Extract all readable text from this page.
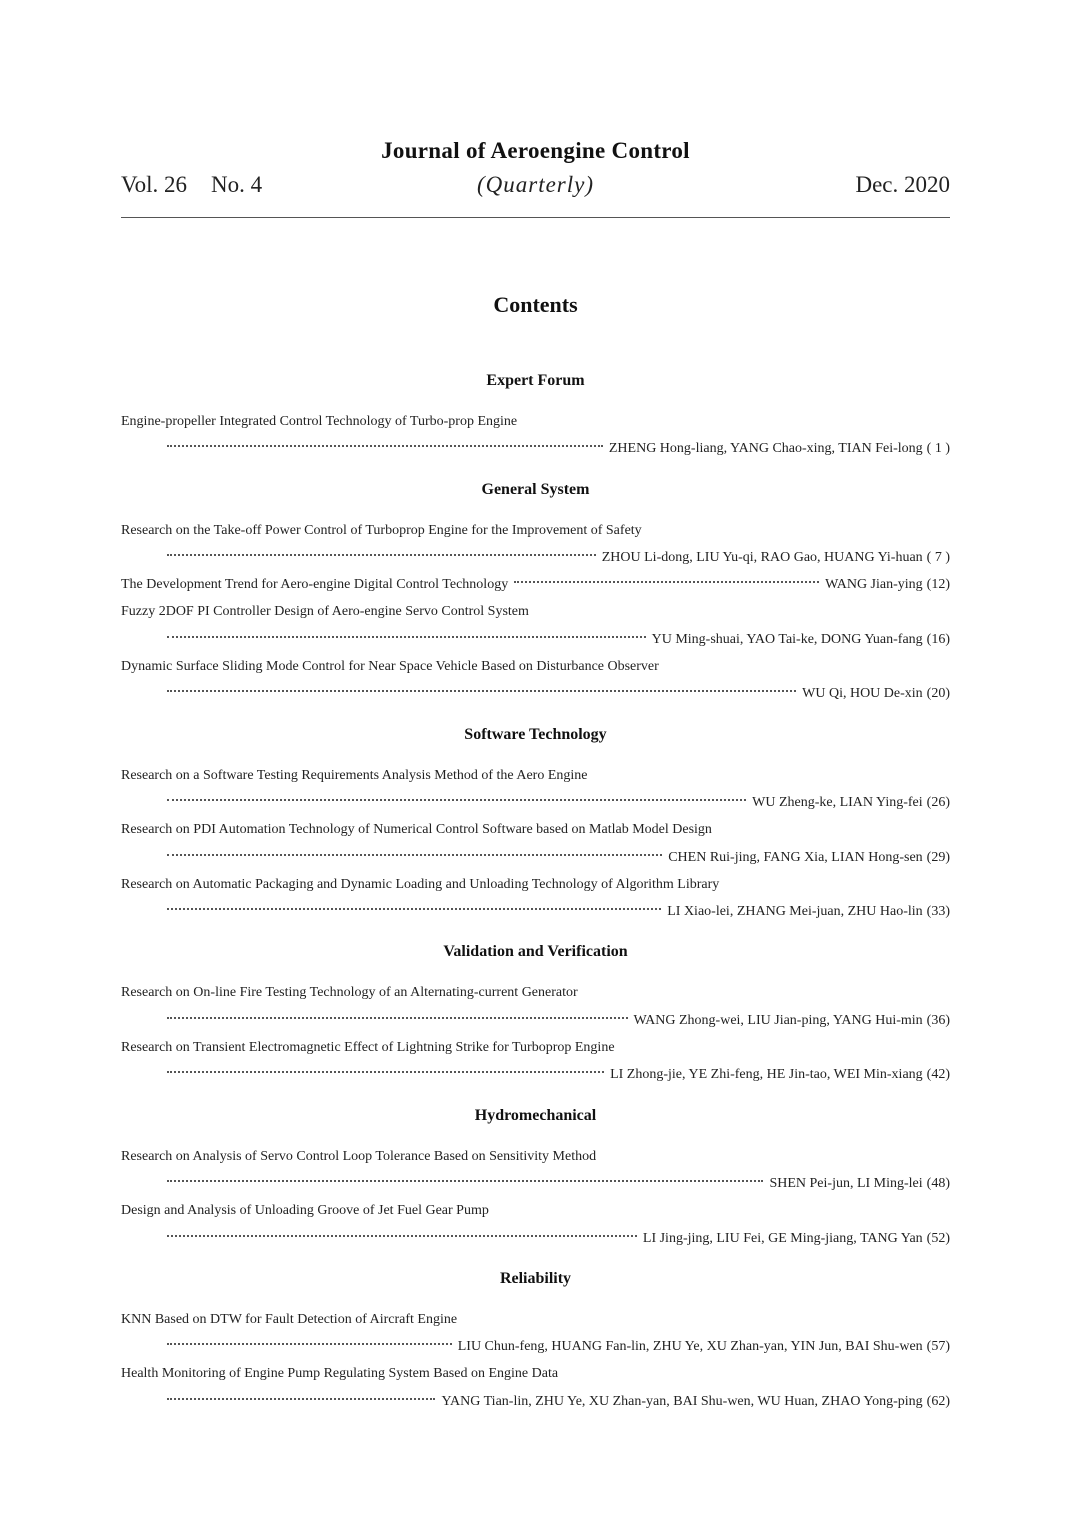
Journal of Aeroengine Control
Vol. 26 No. 4	(Quarterly)	Dec. 2020
Contents
Expert Forum
Engine-propeller Integrated Control Technology of Turbo-prop Engine
ZHENG Hong-liang, YANG Chao-xing, TIAN Fei-long ( 1 )
General System
Research on the Take-off Power Control of Turboprop Engine for the Improvement of Safety
ZHOU Li-dong, LIU Yu-qi, RAO Gao, HUANG Yi-huan ( 7 )
The Development Trend for Aero-engine Digital Control Technology	WANG Jian-ying (12)
Fuzzy 2DOF PI Controller Design of Aero-engine Servo Control System
YU Ming-shuai, YAO Tai-ke, DONG Yuan-fang (16)
Dynamic Surface Sliding Mode Control for Near Space Vehicle Based on Disturbance Observer
WU Qi, HOU De-xin (20)
Software Technology
Research on a Software Testing Requirements Analysis Method of the Aero Engine
WU Zheng-ke, LIAN Ying-fei (26)
Research on PDI Automation Technology of Numerical Control Software based on Matlab Model Design
CHEN Rui-jing, FANG Xia, LIAN Hong-sen (29)
Research on Automatic Packaging and Dynamic Loading and Unloading Technology of Algorithm Library
LI Xiao-lei, ZHANG Mei-juan, ZHU Hao-lin (33)
Validation and Verification
Research on On-line Fire Testing Technology of an Alternating-current Generator
WANG Zhong-wei, LIU Jian-ping, YANG Hui-min (36)
Research on Transient Electromagnetic Effect of Lightning Strike for Turboprop Engine
LI Zhong-jie, YE Zhi-feng, HE Jin-tao, WEI Min-xiang (42)
Hydromechanical
Research on Analysis of Servo Control Loop Tolerance Based on Sensitivity Method
SHEN Pei-jun, LI Ming-lei (48)
Design and Analysis of Unloading Groove of Jet Fuel Gear Pump
LI Jing-jing, LIU Fei, GE Ming-jiang, TANG Yan (52)
Reliability
KNN Based on DTW for Fault Detection of Aircraft Engine
LIU Chun-feng, HUANG Fan-lin, ZHU Ye, XU Zhan-yan, YIN Jun, BAI Shu-wen (57)
Health Monitoring of Engine Pump Regulating System Based on Engine Data
YANG Tian-lin, ZHU Ye, XU Zhan-yan, BAI Shu-wen, WU Huan, ZHAO Yong-ping (62)
